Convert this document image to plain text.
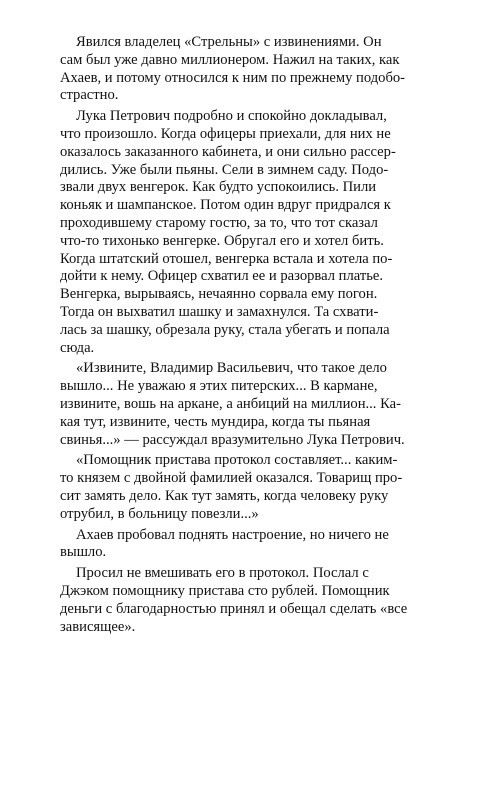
Явился владелец «Стрельны» с извинениями. Он
сам был уже давно миллионером. Нажил на таких, как
Ахаев, и потому относился к ним по прежнему подобо-
страстно.

Лука Петрович подробно и спокойно докладывал,
что произошло. Когда офицеры приехали, для них не
оказалось заказанного кабинета, и они сильно рассер-
дились. Уже были пьяны. Сели в зимнем саду. Подо-
звали двух венгерок. Как будто успокоились. Пили
коньяк и шампанское. Потом один вдруг придрался к
проходившему старому гостю, за то, что тот сказал
что-то тихонько венгерке. Обругал его и хотел бить.
Когда штатский отошел, венгерка встала и хотела по-
дойти к нему. Офицер схватил ее и разорвал платье.
Венгерка, вырываясь, нечаянно сорвала ему погон.
Тогда он выхватил шашку и замахнулся. Та схвати-
лась за шашку, обрезала руку, стала убегать и попала
сюда.

«Извините, Владимир Васильевич, что такое дело
вышло... Не уважаю я этих питерских... В кармане,
извините, вошь на аркане, а анбиций на миллион... Ка-
кая тут, извините, честь мундира, когда ты пьяная
свинья...» — рассуждал вразумительно Лука Петрович.

«Помощник пристава протокол составляет... каким-
то князем с двойной фамилией оказался. Товарищ про-
сит замять дело. Как тут замять, когда человеку руку
отрубил, в больницу повезли...»

Ахаев пробовал поднять настроение, но ничего не
вышло.

Просил не вмешивать его в протокол. Послал с
Джэком помощнику пристава сто рублей. Помощник
деньги с благодарностью принял и обещал сделать «все
зависящее».
